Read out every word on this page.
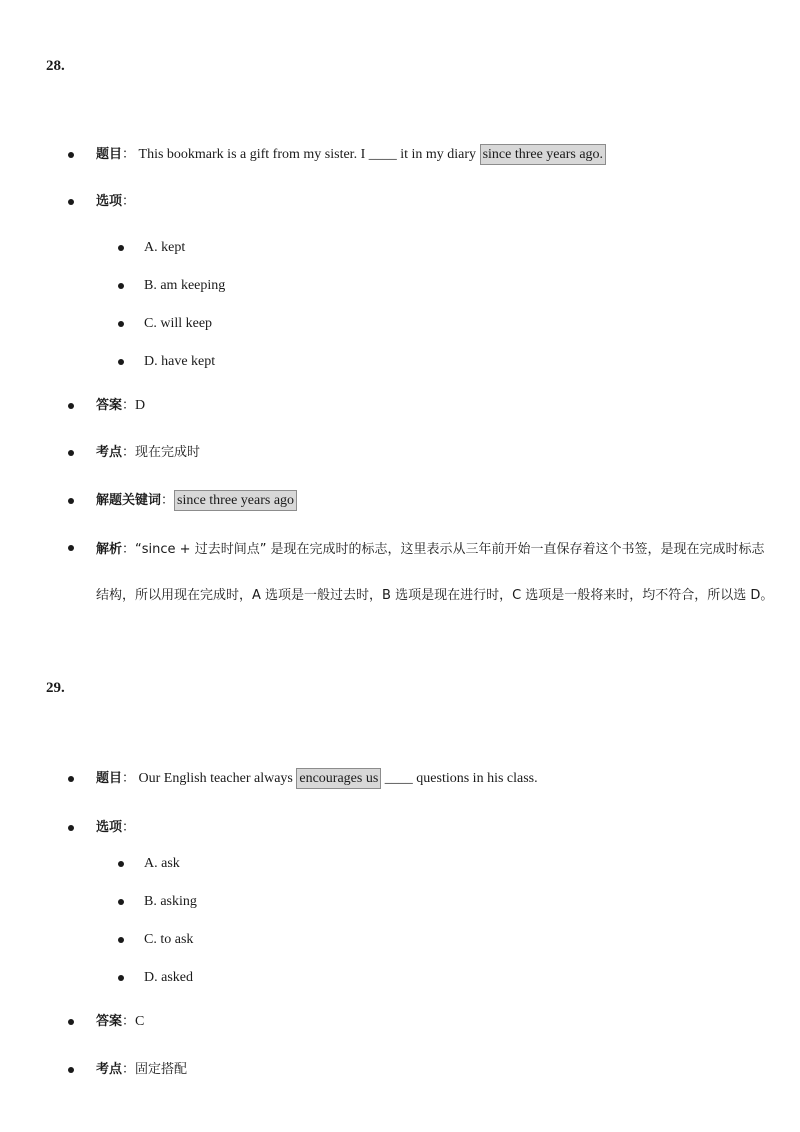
28.
题目： This bookmark is a gift from my sister. I ____ it in my diary since three years ago.
选项：
A. kept
B. am keeping
C. will keep
D. have kept
答案：D
考点：现在完成时
解题关键词： since three years ago
解析：“since + 过去时间点” 是现在完成时的标志，这里表示从三年前开始一直保存着这个书签，是现在完成时标志结构，所以用现在完成时，A 选项是一般过去时，B 选项是现在进行时，C 选项是一般将来时，均不符合，所以选 D。
29.
题目： Our English teacher always encourages us ____ questions in his class.
选项：
A. ask
B. asking
C. to ask
D. asked
答案：C
考点：固定搭配
